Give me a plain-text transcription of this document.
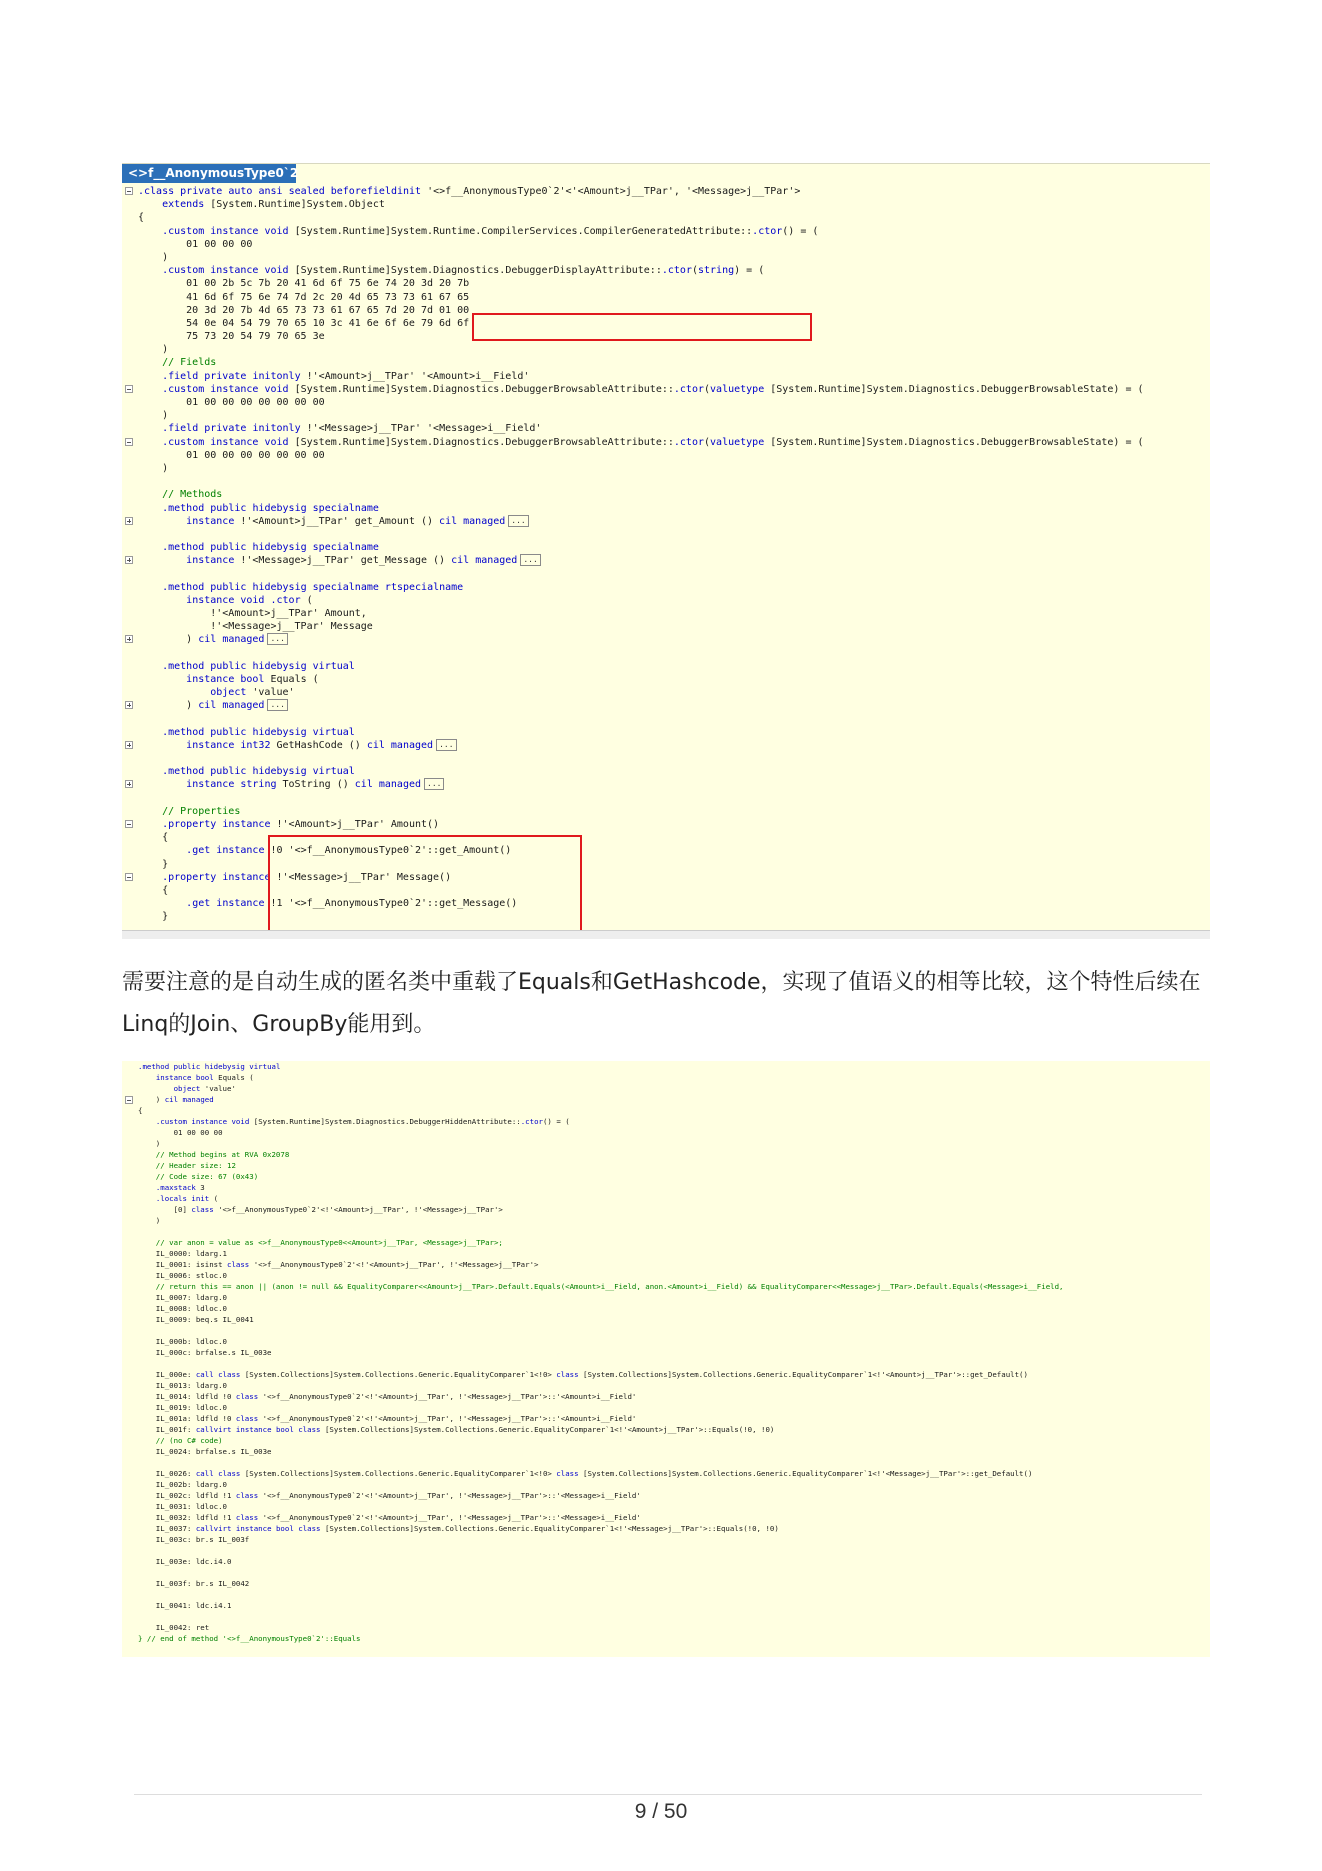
<>f__AnonymousType0`2
.class private auto ansi sealed beforefieldinit '<>f__AnonymousType0`2'<'<Amount>j__TPar', '<Message>j__TPar'>
extends [System.Runtime]System.Object
{
.custom instance void [System.Runtime]System.Runtime.CompilerServices.CompilerGeneratedAttribute::.ctor() = (
01 00 00 00
)
.custom instance void [System.Runtime]System.Diagnostics.DebuggerDisplayAttribute::.ctor(string) = (
01 00 2b 5c 7b 20 41 6d 6f 75 6e 74 20 3d 20 7b
41 6d 6f 75 6e 74 7d 2c 20 4d 65 73 73 61 67 65
20 3d 20 7b 4d 65 73 73 61 67 65 7d 20 7d 01 00
54 0e 04 54 79 70 65 10 3c 41 6e 6f 6e 79 6d 6f
75 73 20 54 79 70 65 3e
)
// Fields
.field private initonly !'<Amount>j__TPar' '<Amount>i__Field'
.custom instance void [System.Runtime]System.Diagnostics.DebuggerBrowsableAttribute::.ctor(valuetype [System.Runtime]System.Diagnostics.DebuggerBrowsableState) = (
01 00 00 00 00 00 00 00
)
.field private initonly !'<Message>j__TPar' '<Message>i__Field'
.custom instance void [System.Runtime]System.Diagnostics.DebuggerBrowsableAttribute::.ctor(valuetype [System.Runtime]System.Diagnostics.DebuggerBrowsableState) = (
01 00 00 00 00 00 00 00
)
// Methods
.method public hidebysig specialname
instance !'<Amount>j__TPar' get_Amount () cil managed ...
.method public hidebysig specialname
instance !'<Message>j__TPar' get_Message () cil managed ...
.method public hidebysig specialname rtspecialname
instance void .ctor (
!'<Amount>j__TPar' Amount,
!'<Message>j__TPar' Message
) cil managed ...
.method public hidebysig virtual
instance bool Equals (
object 'value'
) cil managed ...
.method public hidebysig virtual
instance int32 GetHashCode () cil managed ...
.method public hidebysig virtual
instance string ToString () cil managed ...
// Properties
.property instance !'<Amount>j__TPar' Amount()
{
.get instance !0 '<>f__AnonymousType0`2'::get_Amount()
}
.property instance !'<Message>j__TPar' Message()
{
.get instance !1 '<>f__AnonymousType0`2'::get_Message()
}
需要注意的是自动生成的匿名类中重载了Equals和GetHashcode，实现了值语义的相等比较，这个特性后续在Linq的Join、GroupBy能用到。
.method public hidebysig virtual
instance bool Equals (
object 'value'
) cil managed
{
.custom instance void [System.Runtime]System.Diagnostics.DebuggerHiddenAttribute::.ctor() = (
01 00 00 00
)
// Method begins at RVA 0x2078
// Header size: 12
// Code size: 67 (0x43)
.maxstack 3
.locals init (
[0] class '<>f__AnonymousType0`2'<!'<Amount>j__TPar', !'<Message>j__TPar'>
)
// var anon = value as <>f__AnonymousType0<<Amount>j__TPar, <Message>j__TPar>;
IL_0000: ldarg.1
IL_0001: isinst class '<>f__AnonymousType0`2'<!'<Amount>j__TPar', !'<Message>j__TPar'>
IL_0006: stloc.0
// return this == anon || (anon != null && EqualityComparer<<Amount>j__TPar>.Default.Equals(<Amount>i__Field, anon.<Amount>i__Field) && EqualityComparer<<Message>j__TPar>.Default.Equals(<Message>i__Field,
IL_0007: ldarg.0
IL_0008: ldloc.0
IL_0009: beq.s IL_0041
IL_000b: ldloc.0
IL_000c: brfalse.s IL_003e
IL_000e: call class [System.Collections]System.Collections.Generic.EqualityComparer`1<!0> class [System.Collections]System.Collections.Generic.EqualityComparer`1<!'<Amount>j__TPar'>::get_Default()
IL_0013: ldarg.0
IL_0014: ldfld !0 class '<>f__AnonymousType0`2'<!'<Amount>j__TPar', !'<Message>j__TPar'>::'<Amount>i__Field'
IL_0019: ldloc.0
IL_001a: ldfld !0 class '<>f__AnonymousType0`2'<!'<Amount>j__TPar', !'<Message>j__TPar'>::'<Amount>i__Field'
IL_001f: callvirt instance bool class [System.Collections]System.Collections.Generic.EqualityComparer`1<!'<Amount>j__TPar'>::Equals(!0, !0)
// (no C# code)
IL_0024: brfalse.s IL_003e
IL_0026: call class [System.Collections]System.Collections.Generic.EqualityComparer`1<!0> class [System.Collections]System.Collections.Generic.EqualityComparer`1<!'<Message>j__TPar'>::get_Default()
IL_002b: ldarg.0
IL_002c: ldfld !1 class '<>f__AnonymousType0`2'<!'<Amount>j__TPar', !'<Message>j__TPar'>::'<Message>i__Field'
IL_0031: ldloc.0
IL_0032: ldfld !1 class '<>f__AnonymousType0`2'<!'<Amount>j__TPar', !'<Message>j__TPar'>::'<Message>i__Field'
IL_0037: callvirt instance bool class [System.Collections]System.Collections.Generic.EqualityComparer`1<!'<Message>j__TPar'>::Equals(!0, !0)
IL_003c: br.s IL_003f
IL_003e: ldc.i4.0
IL_003f: br.s IL_0042
IL_0041: ldc.i4.1
IL_0042: ret
} // end of method '<>f__AnonymousType0`2'::Equals
9 / 50
